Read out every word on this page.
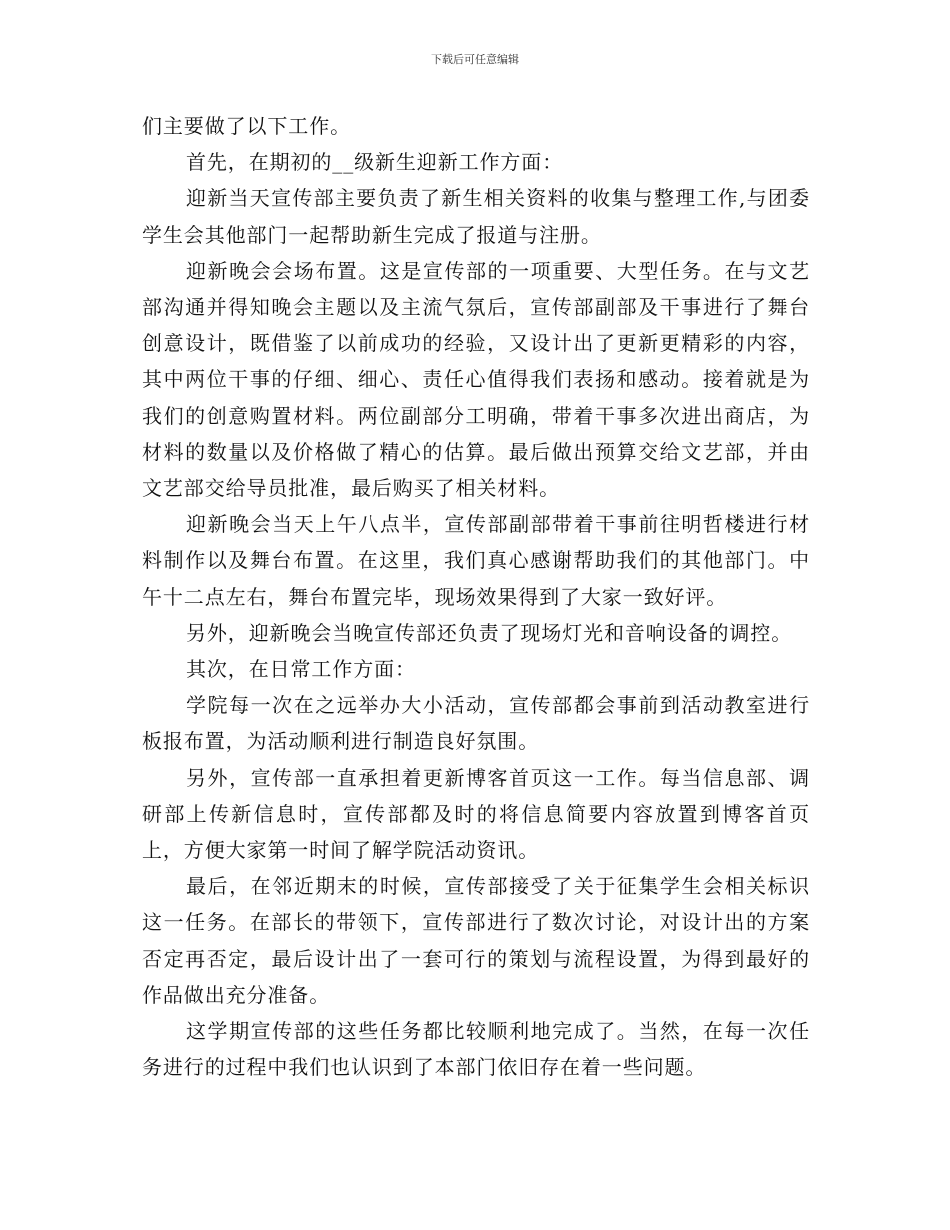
下载后可任意编辑

们主要做了以下工作。

首先，在期初的__级新生迎新工作方面：

迎新当天宣传部主要负责了新生相关资料的收集与整理工作,与团委学生会其他部门一起帮助新生完成了报道与注册。

迎新晚会会场布置。这是宣传部的一项重要、大型任务。在与文艺部沟通并得知晚会主题以及主流气氛后，宣传部副部及干事进行了舞台创意设计，既借鉴了以前成功的经验，又设计出了更新更精彩的内容，其中两位干事的仔细、细心、责任心值得我们表扬和感动。接着就是为我们的创意购置材料。两位副部分工明确，带着干事多次进出商店，为材料的数量以及价格做了精心的估算。最后做出预算交给文艺部，并由文艺部交给导员批准，最后购买了相关材料。

迎新晚会当天上午八点半，宣传部副部带着干事前往明哲楼进行材料制作以及舞台布置。在这里，我们真心感谢帮助我们的其他部门。中午十二点左右，舞台布置完毕，现场效果得到了大家一致好评。

另外，迎新晚会当晚宣传部还负责了现场灯光和音响设备的调控。

其次，在日常工作方面：

学院每一次在之远举办大小活动，宣传部都会事前到活动教室进行板报布置，为活动顺利进行制造良好氛围。

另外，宣传部一直承担着更新博客首页这一工作。每当信息部、调研部上传新信息时，宣传部都及时的将信息简要内容放置到博客首页上，方便大家第一时间了解学院活动资讯。

最后，在邻近期末的时候，宣传部接受了关于征集学生会相关标识这一任务。在部长的带领下，宣传部进行了数次讨论，对设计出的方案否定再否定，最后设计出了一套可行的策划与流程设置，为得到最好的作品做出充分准备。

这学期宣传部的这些任务都比较顺利地完成了。当然，在每一次任务进行的过程中我们也认识到了本部门依旧存在着一些问题。
